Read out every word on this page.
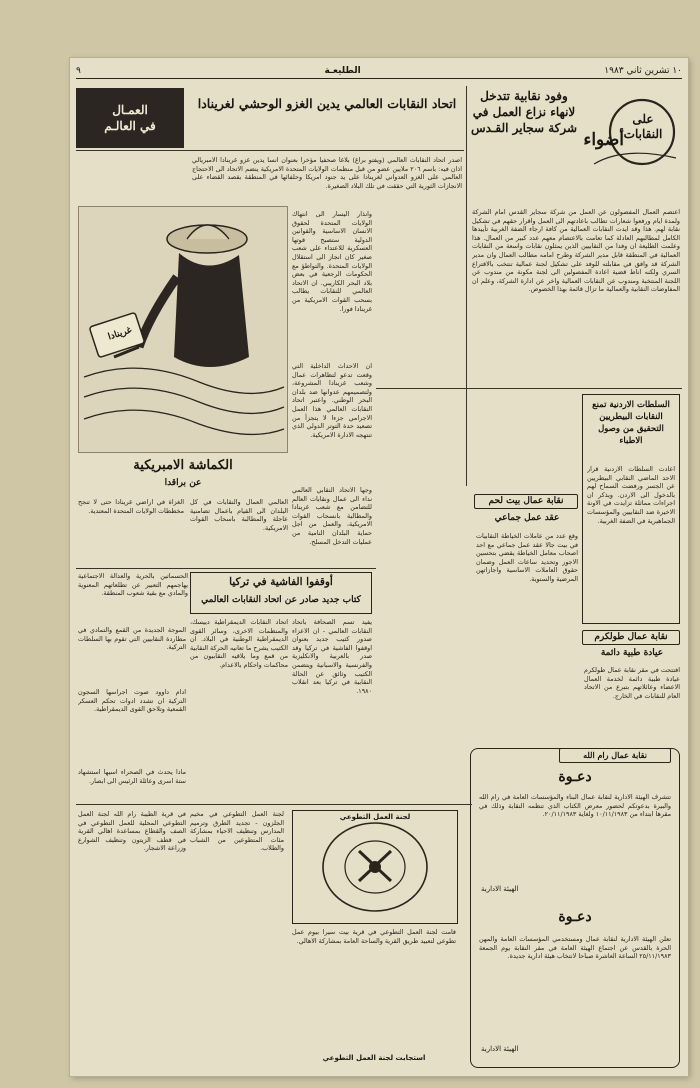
١٠ تشرين ثاني ١٩٨٣
الطليعـة
٩
أضواء
على النقابات
وفود نقابية تتدخل لانهاء نزاع العمل في شركة سجاير القـدس
اعتصم العمال المفصولون عن العمل من شركة سجاير القدس امام الشركة ولمدة ايام ورفعوا شعارات تطالب باعادتهم الى العمل واقرار حقهم في تشكيل نقابة لهم. هذا وقد ايدت النقابات العمالية من كافة ارجاء الضفة الغربية تأييدها الكامل لمطالبهم العادلة كما تعامت بالاعتصام معهم عدد كبير من العمال. هذا وعلمت الطليعة ان وفدا من النقابيين الذين يمثلون نقابات واسعة من النقابات العمالية في المنطقة قابل مدير الشركة وطرح امامه مطالب العمال وان مدير الشركة قد وافق في مقابلته للوفد على تشكيل لجنة عمالية تنتخب بالاقتراع السري ولكنه اناط قضية اعادة المفصولين الى لجنة مكونة من مندوب عن اللجنة المنتخبة ومندوب عن النقابات العمالية واخر عن ادارة الشركة، وعلم ان المفاوضات النقابية والعمالية ما تزال قائمة بهذا الخصوص.
العمـال
في العالـم
اتحاد النقابات العالمي يدين الغزو الوحشي لغرينادا
اصدر اتحاد النقابات العالمي (ويفتو براغ) بلاغا صحفيا مؤخرا بعنوان انسا يدين غزو غرينادا الامبريالي اذان فيه: باسم ٢٠٦ ملايين عضو من قبل منظمات الولايات المتحدة الامريكية ينضم الاتحاد الى الاحتجاج العالمي على الغزو العدواني لغرينادا على يد جنود امريكا وحلفائها في المنطقة بقصد القضاء على الانجازات الثورية التي حققت في تلك البلاد الصغيرة.
غرينادا
وانذار اليسار الى انتهاك الولايات المتحدة لحقوق الانسان الاساسية والقوانين الدولية ستصبح قوتها العسكرية للاعتداء على شعب صغير كان انجاز الى استقلال الولايات المتحدة. والتواطؤ مع الحكومات الرجعية في بعض بلاد البحر الكاريبي. ان الاتحاد العالمي للنقابات يطالب بسحب القوات الامريكية من غرينادا فورا.
ان الاحداث الداخلية التي وقعت تدعو لتظاهرات عمال وشعب غرينادا المشروعة، ولتصميمهم عدوانها ضد بلدان البحر الوطني. واعتبر اتحاد النقابات العالمي هذا العمل الاجرامي جزءا لا يتجزأ من تصعيد حدة التوتر الدولي الذي تنتهجه الادارة الامريكية.
وجها الاتحاد النقابي العالمي نداء الى عمال ونقابات العالم للتضامن مع شعب غرينادا والمطالبة بانسحاب القوات الامريكية، والعمل من اجل حماية البلدان النامية من عمليات التدخل المسلح.
العالمي العمال والنقابات في كل البلدان الى القيام باعمال تضامنية عاجلة والمطالبة باسحاب القوات الامريكية.
الغزاة في اراضي غرينادا حتى لا تنجح مخططات الولايات المتحدة المعتدية.
الكماشة الامبريكية
عن براقدا
الحسماتين بالحرية والعدالة الاجتماعية يهاجمهم التعبير عن تطلعاتهم المعنوية والمادي مع بقية شعوب المنطقة.
أوقفوا الفاشية في تركيا
كتاب جديد صادر عن اتحاد النقابات العالمي
يفيد تسم الصحافة باتحاد النقابات العالمي - ان الاعزاء صدور كتيب جديد بعنوان اوقفوا الفاشية في تركيا وقد صدر بالعربية والانكليزية والفرنسية والاسبانية ويتضمن الكتيب وثائق عن الحالة النقابية في تركيا بعد انقلاب ١٩٨٠.
اتحاد النقابات الديمقراطية دييسك، والمنظمات الاخرى، وسائر القوى الديمقراطية الوطنية في البلاد. ان الكتيب يشرح ما تعانيه الحركة النقابية من قمع وما يلاقيه النقابيون من محاكمات واحكام بالاعدام.
الموجة الجديدة من القمع والتمادي في مطاردة النقابيين التي تقوم بها السلطات التركية.
ادام داوود صوت اجراسها السجون التركية ان تشدد ادوات تحكم العسكر القمعية وتلاحق القوى الديمقراطية.
مادا يحدث في الصحراء اسيها استشهاد ستة اسرى وعائلة الرئيس الى ابصار.
السلطات الاردنية تمنع النقابات البيطريين التحقيق من وصول الاطباء
اعادت السلطات الاردنية قرار الاحد الماضي النقابي البيطريين عن الجسر ورفضت السماح لهم بالدخول الى الاردن. ويذكر ان اجراءات مماثلة تزايدت في الاونة الاخيرة ضد النقابيين والمؤسسات الجماهيرية في الضفة الغربية.
نقابة عمال بيت لحم
عقد عمل جماعي
وقع عدد من عاملات الخياطة النقابيات في بيت جالا عقد عمل جماعي مع احد اصحاب معامل الخياطة يقضي بتحسين الاجور وتحديد ساعات العمل وضمان حقوق العاملات الاساسية واجازاتهن المرضية والسنوية.
نقابة عمال طولكرم
عيادة طبية دائمة
افتتحت في مقر نقابة عمال طولكرم عيادة طبية دائمة لخدمة العمال الاعضاء وعائلاتهم بتبرع من الاتحاد العام للنقابات في الخارج.
نقابة عمال رام الله
دعـوة
تتشرف الهيئة الادارية لنقابة عمال البناء والمؤسسات العامة في رام الله والبيرة بدعوتكم لحضور معرض الكتاب الذي تنظمه النقابة وذلك في مقرها ابتداء من ١٠/١١/١٩٨٣ ولغاية ٢٠/١١/١٩٨٣.
الهيئة الادارية
دعـوة
تعلن الهيئة الادارية لنقابة عمال ومستخدمي المؤسسات العامة والمهن الحرة بالقدس عن اجتماع الهيئة العامة في مقر النقابة يوم الجمعة ٢٥/١١/١٩٨٣ الساعة العاشرة صباحا لانتخاب هيئة ادارية جديدة.
الهيئة الادارية
في قرية الطيبة رام الله لجنة العمل التطوعي المحلية للعمل التطوعي في الصف والقطاع بمساعدة اهالي القرية في قطف الزيتون وتنظيف الشوارع وزراعة الاشجار.
لجنة العمل التطوعي في مخيم الجلزون - تجديد الطرق وترميم المدارس وتنظيف الاحياء بمشاركة مئات المتطوعين من الشباب والطلاب.
لجنة العمل التطوعي
قامت لجنة العمل التطوعي في قرية بيت سيرا بيوم عمل تطوعي لتعبيد طريق القرية والساحة العامة بمشاركة الاهالي.
استجابت لجنة العمل التطوعي
